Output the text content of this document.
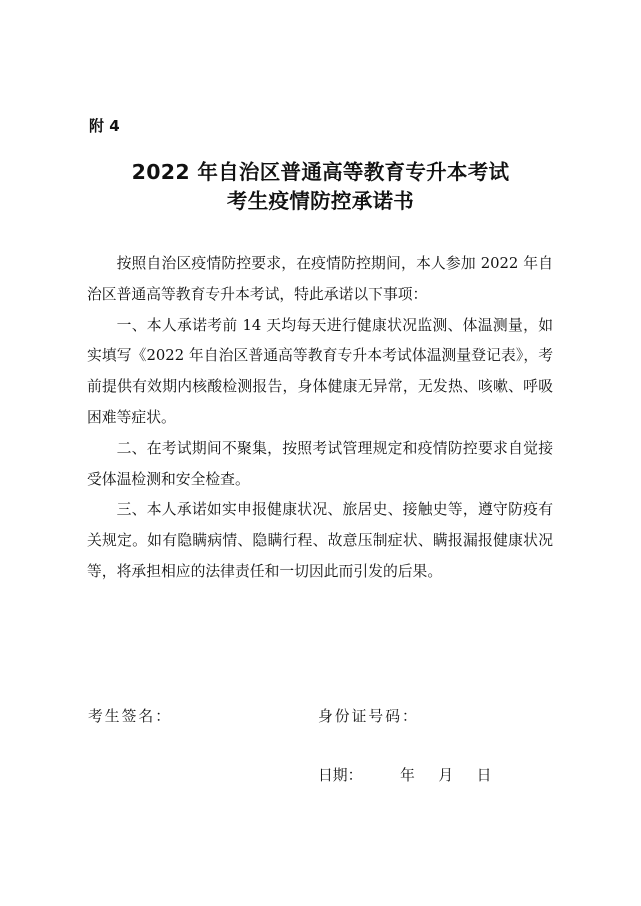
附 4
2022 年自治区普通高等教育专升本考试
考生疫情防控承诺书

按照自治区疫情防控要求，在疫情防控期间，本人参加 2022 年自治区普通高等教育专升本考试，特此承诺以下事项：

一、本人承诺考前 14 天均每天进行健康状况监测、体温测量，如实填写《2022 年自治区普通高等教育专升本考试体温测量登记表》，考前提供有效期内核酸检测报告，身体健康无异常，无发热、咳嗽、呼吸困难等症状。

二、在考试期间不聚集，按照考试管理规定和疫情防控要求自觉接受体温检测和安全检查。

三、本人承诺如实申报健康状况、旅居史、接触史等，遵守防疫有关规定。如有隐瞒病情、隐瞒行程、故意压制症状、瞒报漏报健康状况等，将承担相应的法律责任和一切因此而引发的后果。

考生签名：	身份证号码：
日期：        年     月     日
